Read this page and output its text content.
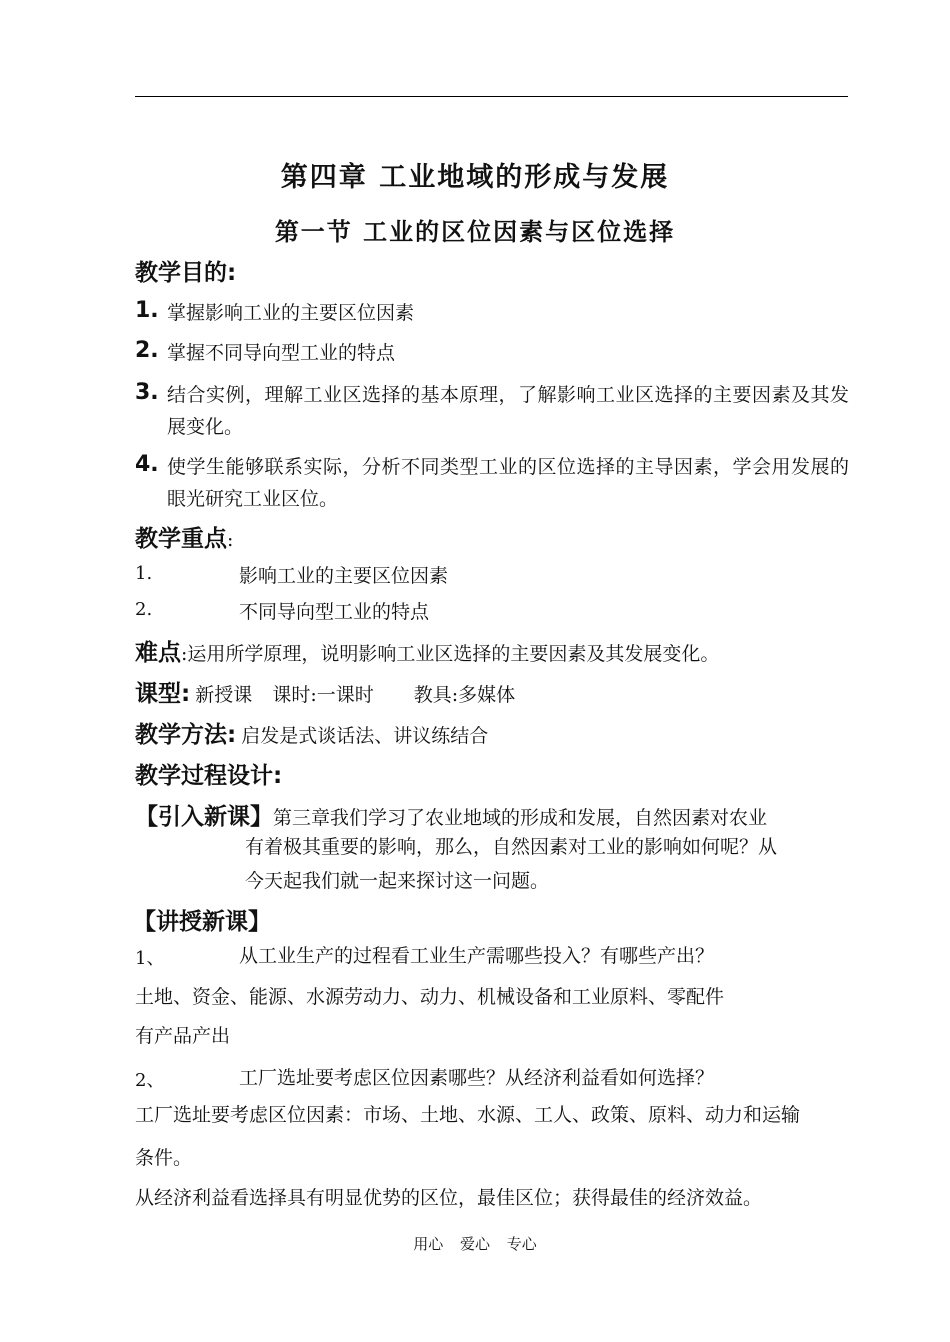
第四章 工业地域的形成与发展
第一节 工业的区位因素与区位选择
教学目的:
1. 掌握影响工业的主要区位因素
2. 掌握不同导向型工业的特点
3. 结合实例，理解工业区选择的基本原理，了解影响工业区选择的主要因素及其发展变化。
4. 使学生能够联系实际，分析不同类型工业的区位选择的主导因素，学会用发展的眼光研究工业区位。
教学重点:
1.	影响工业的主要区位因素
2.	不同导向型工业的特点
难点:运用所学原理，说明影响工业区选择的主要因素及其发展变化。
课型: 新授课 课时:一课时 教具:多媒体
教学方法: 启发是式谈话法、讲议练结合
教学过程设计:
【引入新课】第三章我们学习了农业地域的形成和发展，自然因素对农业
有着极其重要的影响，那么，自然因素对工业的影响如何呢？从
今天起我们就一起来探讨这一问题。
【讲授新课】
1、	从工业生产的过程看工业生产需哪些投入？有哪些产出？
土地、资金、能源、水源劳动力、动力、机械设备和工业原料、零配件
有产品产出
2、	工厂选址要考虑区位因素哪些？从经济利益看如何选择？
工厂选址要考虑区位因素：市场、土地、水源、工人、政策、原料、动力和运输
条件。
从经济利益看选择具有明显优势的区位，最佳区位；获得最佳的经济效益。
用心 爱心 专心
